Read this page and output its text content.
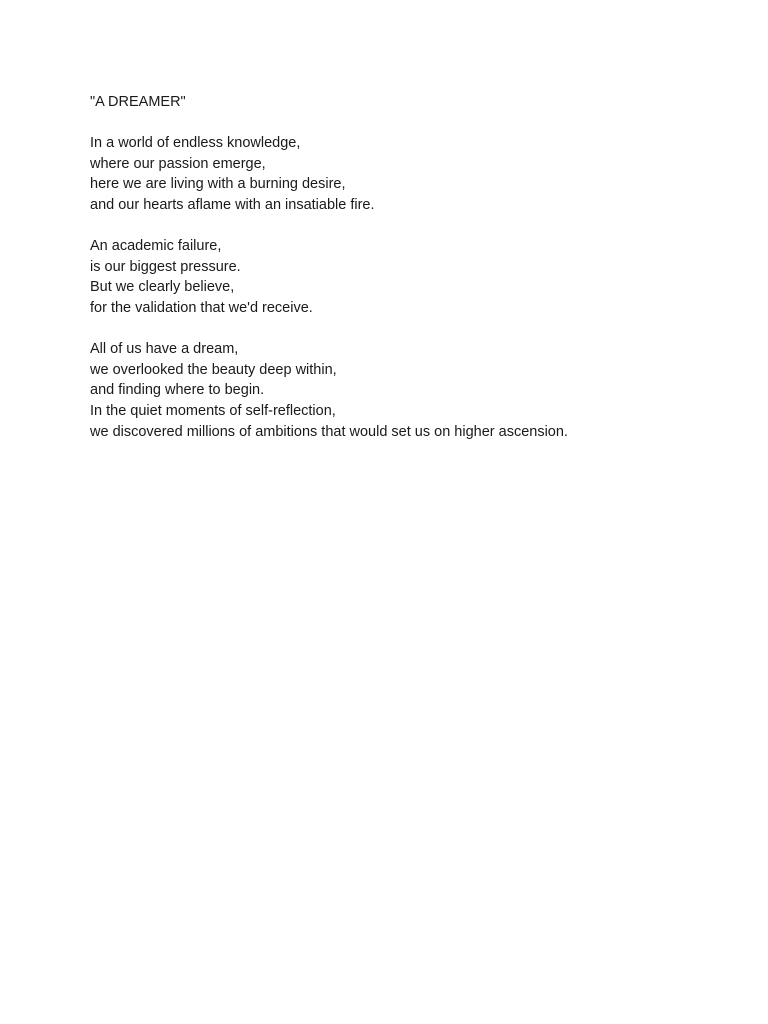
"A DREAMER"
In a world of endless knowledge,
where our passion emerge,
here we are living with a burning desire,
and our hearts aflame with an insatiable fire.
An academic failure,
is our biggest pressure.
But we clearly believe,
for the validation that we'd receive.
All of us have a dream,
we overlooked the beauty deep within,
and finding where to begin.
In the quiet moments of self-reflection,
we discovered millions of ambitions that would set us on higher ascension.
